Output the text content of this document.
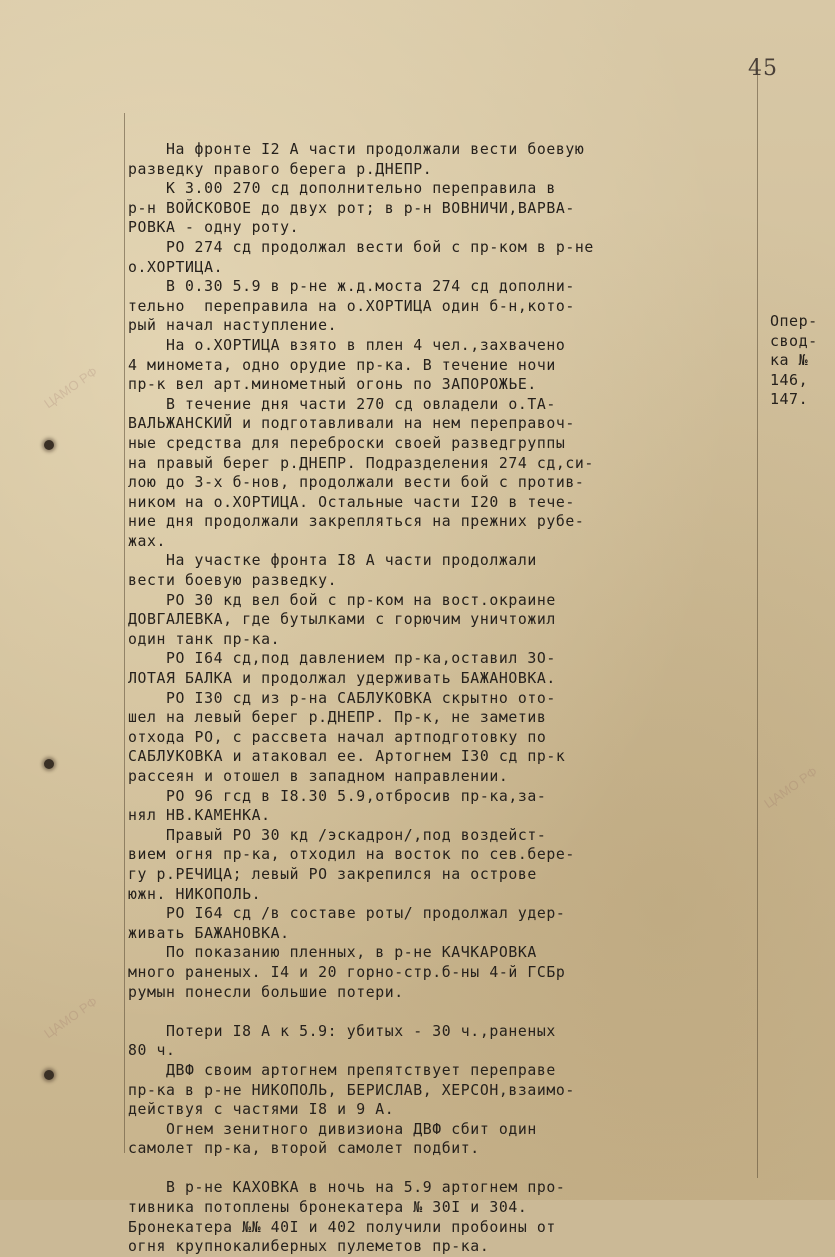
ЦАМО РФ
ЦАМО РФ
ЦАМО РФ
45
На фронте I2 А части продолжали вести боевую
разведку правого берега р.ДНЕПР.
К 3.00 270 сд дополнительно переправила в
р-н ВОЙСКОВОЕ до двух рот; в р-н ВОВНИЧИ,ВАРВА-
РОВКА - одну роту.
РО 274 сд продолжал вести бой с пр-ком в р-не
о.ХОРТИЦА.
В 0.30 5.9 в р-не ж.д.моста 274 сд дополни-
тельно  переправила на о.ХОРТИЦА один б-н,кото-
рый начал наступление.
На о.ХОРТИЦА взято в плен 4 чел.,захвачено
4 минометa, одно орудие пр-ка. В течение ночи
пр-к вел арт.минометный огонь по ЗАПОРОЖЬЕ.
В течение дня части 270 сд овладели о.ТА-
ВАЛЬЖАНСКИЙ и подготавливали на нем переправоч-
ные средства для переброски своей разведгруппы
на правый берег р.ДНЕПР. Подразделения 274 сд,си-
лою до 3-х б-нов, продолжали вести бой с против-
ником на о.ХОРТИЦА. Остальные части I20 в тече-
ние дня продолжали закрепляться на прежних рубе-
жах.
На участке фронта I8 А части продолжали
вести боевую разведку.
РО 30 кд вел бой с пр-ком на вост.окраине
ДОВГАЛЕВКА, где бутылками с горючим уничтожил
один танк пр-ка.
РО I64 сд,под давлением пр-ка,оставил ЗО-
ЛОТАЯ БАЛКА и продолжал удерживать БАЖАНОВКА.
РО I30 сд из р-на САБЛУКОВКА скрытно ото-
шел на левый берег р.ДНЕПР. Пр-к, не заметив
отхода РО, с рассвета начал артподготовку по
САБЛУКОВКА и атаковал ее. Артогнем I30 сд пр-к
рассеян и отошел в западном направлении.
РО 96 гсд в I8.30 5.9,отбросив пр-ка,за-
нял НВ.КАМЕНКА.
Правый РО 30 кд /эскадрон/,под воздейст-
вием огня пр-ка, отходил на восток по сев.бере-
гу р.РЕЧИЦА; левый РО закрепился на острове
южн. НИКОПОЛЬ.
РО I64 сд /в составе роты/ продолжал удер-
живать БАЖАНОВКА.
По показанию пленных, в р-не КАЧКАРОВКА
много раненых. I4 и 20 горно-стр.б-ны 4-й ГСБр
румын понесли большие потери.
Потери I8 А к 5.9: убитых - 30 ч.,раненых
80 ч.
ДВФ своим артогнем препятствует переправе
пр-ка в р-не НИКОПОЛЬ, БЕРИСЛАВ, ХЕРСОН,взаимо-
действуя с частями I8 и 9 А.
Огнем зенитного дивизиона ДВФ сбит один
самолет пр-ка, второй самолет подбит.
В р-не КАХОВКА в ночь на 5.9 артогнем про-
тивника потоплены бронекатера № 30I и 304.
Бронекатера №№ 40I и 402 получили пробоины от
огня крупнокалиберных пулеметов пр-ка.
Опер-
свод-
ка №
146,
147.
